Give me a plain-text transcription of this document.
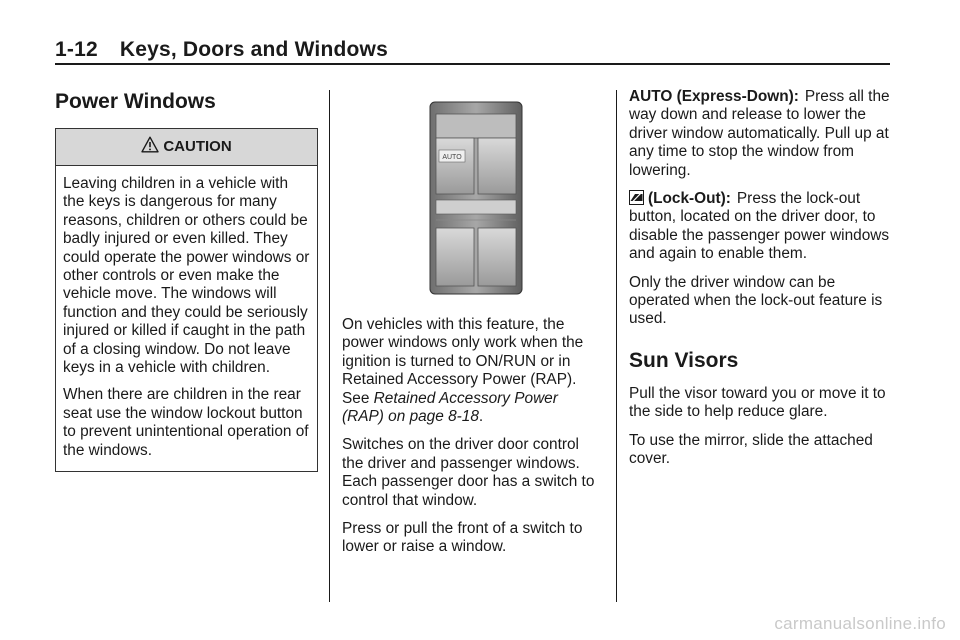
1-12 Keys, Doors and Windows
Power Windows
CAUTION

Leaving children in a vehicle with the keys is dangerous for many reasons, children or others could be badly injured or even killed. They could operate the power windows or other controls or even make the vehicle move. The windows will function and they could be seriously injured or killed if caught in the path of a closing window. Do not leave keys in a vehicle with children.

When there are children in the rear seat use the window lockout button to prevent unintentional operation of the windows.

AUTO

On vehicles with this feature, the power windows only work when the ignition is turned to ON/RUN or in Retained Accessory Power (RAP). See Retained Accessory Power (RAP) on page 8-18.

Switches on the driver door control the driver and passenger windows. Each passenger door has a switch to control that window.

Press or pull the front of a switch to lower or raise a window.

AUTO (Express-Down): Press all the way down and release to lower the driver window automatically. Pull up at any time to stop the window from lowering.

(Lock-Out): Press the lock-out button, located on the driver door, to disable the passenger power windows and again to enable them.

Only the driver window can be operated when the lock-out feature is used.

Sun Visors

Pull the visor toward you or move it to the side to help reduce glare.

To use the mirror, slide the attached cover.

carmanualsonline.info
